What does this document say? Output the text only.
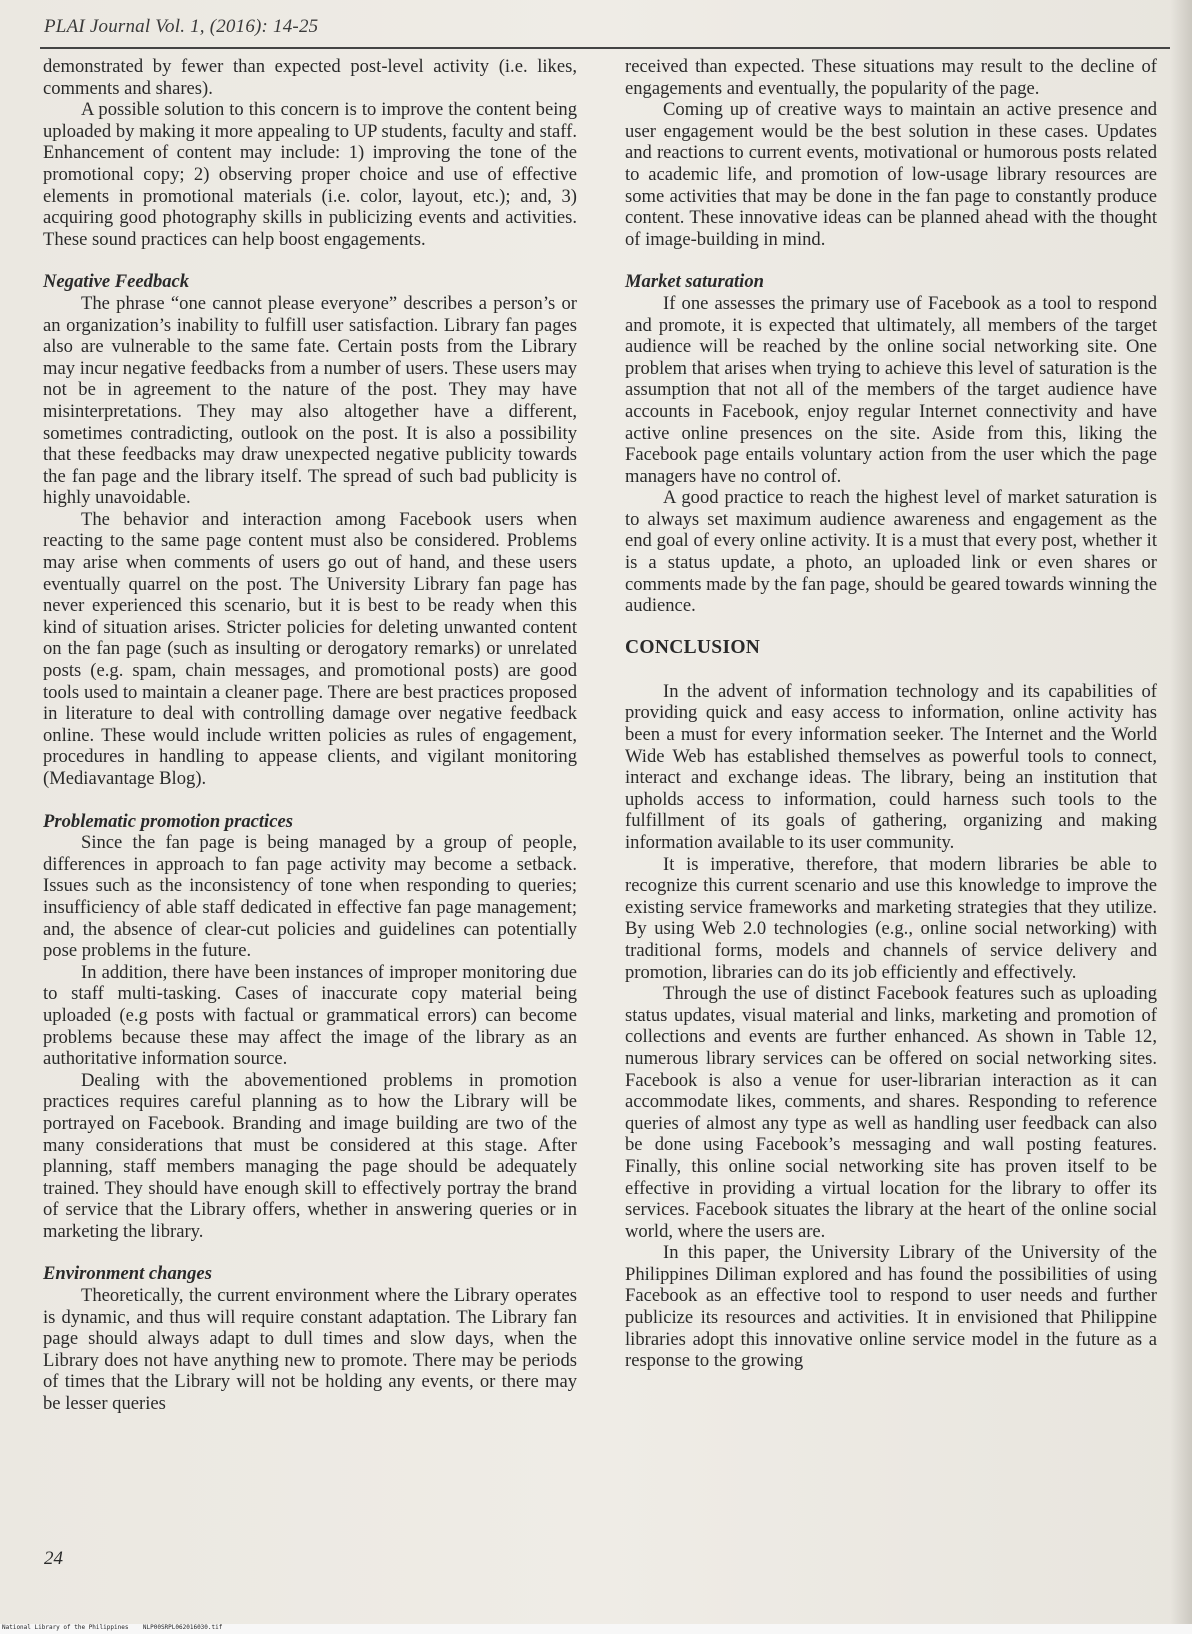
PLAI Journal Vol. 1, (2016): 14-25

demonstrated by fewer than expected post-level activity (i.e. likes, comments and shares).

A possible solution to this concern is to improve the content being uploaded by making it more appealing to UP students, faculty and staff. Enhancement of content may include: 1) improving the tone of the promotional copy; 2) observing proper choice and use of effective elements in promotional materials (i.e. color, layout, etc.); and, 3) acquiring good photography skills in publicizing events and activities. These sound practices can help boost engagements.

Negative Feedback

The phrase “one cannot please everyone” describes a person’s or an organization’s inability to fulfill user satisfaction. Library fan pages also are vulnerable to the same fate. Certain posts from the Library may incur negative feedbacks from a number of users. These users may not be in agreement to the nature of the post. They may have misinterpretations. They may also altogether have a different, sometimes contradicting, outlook on the post. It is also a possibility that these feedbacks may draw unexpected negative publicity towards the fan page and the library itself. The spread of such bad publicity is highly unavoidable.

The behavior and interaction among Facebook users when reacting to the same page content must also be considered. Problems may arise when comments of users go out of hand, and these users eventually quarrel on the post. The University Library fan page has never experienced this scenario, but it is best to be ready when this kind of situation arises. Stricter policies for deleting unwanted content on the fan page (such as insulting or derogatory remarks) or unrelated posts (e.g. spam, chain messages, and promotional posts) are good tools used to maintain a cleaner page. There are best practices proposed in literature to deal with controlling damage over negative feedback online. These would include written policies as rules of engagement, procedures in handling to appease clients, and vigilant monitoring (Mediavantage Blog).

Problematic promotion practices

Since the fan page is being managed by a group of people, differences in approach to fan page activity may become a setback. Issues such as the inconsistency of tone when responding to queries; insufficiency of able staff dedicated in effective fan page management; and, the absence of clear-cut policies and guidelines can potentially pose problems in the future.

In addition, there have been instances of improper monitoring due to staff multi-tasking. Cases of inaccurate copy material being uploaded (e.g posts with factual or grammatical errors) can become problems because these may affect the image of the library as an authoritative information source.

Dealing with the abovementioned problems in promotion practices requires careful planning as to how the Library will be portrayed on Facebook. Branding and image building are two of the many considerations that must be considered at this stage. After planning, staff members managing the page should be adequately trained. They should have enough skill to effectively portray the brand of service that the Library offers, whether in answering queries or in marketing the library.

Environment changes

Theoretically, the current environment where the Library operates is dynamic, and thus will require constant adaptation. The Library fan page should always adapt to dull times and slow days, when the Library does not have anything new to promote. There may be periods of times that the Library will not be holding any events, or there may be lesser queries

received than expected. These situations may result to the decline of engagements and eventually, the popularity of the page.

Coming up of creative ways to maintain an active presence and user engagement would be the best solution in these cases. Updates and reactions to current events, motivational or humorous posts related to academic life, and promotion of low-usage library resources are some activities that may be done in the fan page to constantly produce content. These innovative ideas can be planned ahead with the thought of image-building in mind.

Market saturation

If one assesses the primary use of Facebook as a tool to respond and promote, it is expected that ultimately, all members of the target audience will be reached by the online social networking site. One problem that arises when trying to achieve this level of saturation is the assumption that not all of the members of the target audience have accounts in Facebook, enjoy regular Internet connectivity and have active online presences on the site. Aside from this, liking the Facebook page entails voluntary action from the user which the page managers have no control of.

A good practice to reach the highest level of market saturation is to always set maximum audience awareness and engagement as the end goal of every online activity. It is a must that every post, whether it is a status update, a photo, an uploaded link or even shares or comments made by the fan page, should be geared towards winning the audience.

CONCLUSION

In the advent of information technology and its capabilities of providing quick and easy access to information, online activity has been a must for every information seeker. The Internet and the World Wide Web has established themselves as powerful tools to connect, interact and exchange ideas. The library, being an institution that upholds access to information, could harness such tools to the fulfillment of its goals of gathering, organizing and making information available to its user community.

It is imperative, therefore, that modern libraries be able to recognize this current scenario and use this knowledge to improve the existing service frameworks and marketing strategies that they utilize. By using Web 2.0 technologies (e.g., online social networking) with traditional forms, models and channels of service delivery and promotion, libraries can do its job efficiently and effectively.

Through the use of distinct Facebook features such as uploading status updates, visual material and links, marketing and promotion of collections and events are further enhanced. As shown in Table 12, numerous library services can be offered on social networking sites. Facebook is also a venue for user-librarian interaction as it can accommodate likes, comments, and shares. Responding to reference queries of almost any type as well as handling user feedback can also be done using Facebook’s messaging and wall posting features. Finally, this online social networking site has proven itself to be effective in providing a virtual location for the library to offer its services. Facebook situates the library at the heart of the online social world, where the users are.

In this paper, the University Library of the University of the Philippines Diliman explored and has found the possibilities of using Facebook as an effective tool to respond to user needs and further publicize its resources and activities. It in envisioned that Philippine libraries adopt this innovative online service model in the future as a response to the growing

24
National Library of the Philippines    NLP00SRPL062016030.tif
